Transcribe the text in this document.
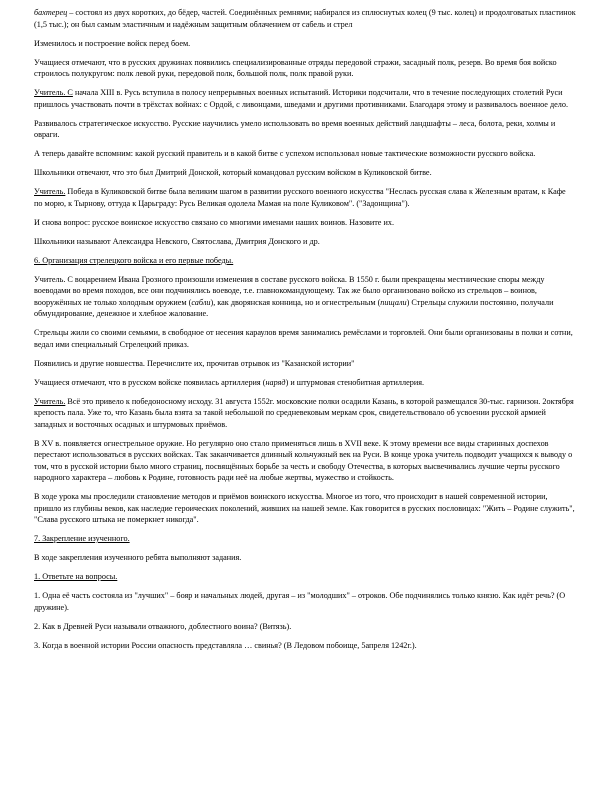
бахтерец – состоял из двух коротких, до бёдер, частей. Соединённых ремнями; набирался из сплюснутых колец (9 тыс. колец) и продолговатых пластинок (1,5 тыс.); он был самым эластичным и надёжным защитным облачением от сабель и стрел

Изменилось и построение войск перед боем.

Учащиеся отмечают, что в русских дружинах появились специализированные отряды передовой стражи, засадный полк, резерв. Во время боя войско строилось полукругом: полк левой руки, передовой полк, большой полк, полк правой руки.

Учитель. С начала XIII в. Русь вступила в полосу непрерывных военных испытаний. Историки подсчитали, что в течение последующих столетий Руси пришлось участвовать почти в трёхстах войнах: с Ордой, с ливонцами, шведами и другими противниками. Благодаря этому и развивалось военное дело.

Развивалось стратегическое искусство. Русские научились умело использовать во время военных действий ландшафты – леса, болота, реки, холмы и овраги.

А теперь давайте вспомним: какой русский правитель и в какой битве с успехом использовал новые тактические возможности русского войска.

Школьники отвечают, что это был Дмитрий Донской, который командовал русским войском в Куликовской битве.

Учитель. Победа в Куликовской битве была великим шагом в развитии русского военного искусства "Неслась русская слава к Железным вратам, к Кафе по морю, к Тырнову, оттуда к Царьграду: Русь Великая одолела Мамая на поле Куликовом". ("Задонщина").

И снова вопрос: русское воинское искусство связано со многими именами наших воинов. Назовите их.

Школьники называют Александра Невского, Святослава, Дмитрия Донского и др.

6. Организация стрелецкого войска и его первые победы.

Учитель. С воцарением Ивана Грозного произошли изменения в составе русского войска. В 1550 г. были прекращены местнические споры между воеводами во время походов, все они подчинялись воеводе, т.е. главнокомандующему. Так же было организовано войско из стрельцов – воинов, вооружённых не только холодным оружием (сабли), как дворянская конница, но и огнестрельным (пищали) Стрельцы служили постоянно, получали обмундирование, денежное и хлебное жалование.

Стрельцы жили со своими семьями, в свободное от несения караулов время занимались ремёслами и торговлей. Они были организованы в полки и сотни, ведал ими специальный Стрелецкий приказ.

Появились и другие новшества. Перечислите их, прочитав отрывок из "Казанской истории"

Учащиеся отмечают, что в русском войске появилась артиллерия (наряд) и штурмовая стенобитная артиллерия.

Учитель. Всё это привело к победоносному исходу. 31 августа 1552г. московские полки осадили Казань, в которой размещался 30-тыс. гарнизон. 2октября крепость пала. Уже то, что Казань была взята за такой небольшой по средневековым меркам срок, свидетельствовало об усвоении русской армией западных и восточных осадных и штурмовых приёмов.

В XV в. появляется огнестрельное оружие. Но регулярно оно стало применяться лишь в XVII веке. К этому времени все виды старинных доспехов перестают использоваться в русских войсках. Так заканчивается длинный кольчужный век на Руси. В конце урока учитель подводит учащихся к выводу о том, что в русской истории было много страниц, посвящённых борьбе за честь и свободу Отечества, в которых высвечивались лучшие черты русского народного характера – любовь к Родине, готовность ради неё на любые жертвы, мужество и стойкость.

В ходе урока мы проследили становление методов и приёмов воинского искусства. Многое из того, что происходит в нашей современной истории, пришло из глубины веков, как наследие героических поколений, живших на нашей земле. Как говорится в русских пословицах: "Жить – Родине служить", "Слава русского штыка не померкнет никогда".

7. Закрепление изученного.

В ходе закрепления изученного ребята выполняют задания.

1. Ответьте на вопросы.

1. Одна её часть состояла из "лучших" – бояр и начальных людей, другая – из "молодших" – отроков. Обе подчинялись только князю. Как идёт речь? (О дружине).

2. Как в Древней Руси называли отважного, доблестного воина? (Витязь).

3. Когда в военной истории России опасность представляла … свинья? (В Ледовом побоище, 5апреля 1242г.).
